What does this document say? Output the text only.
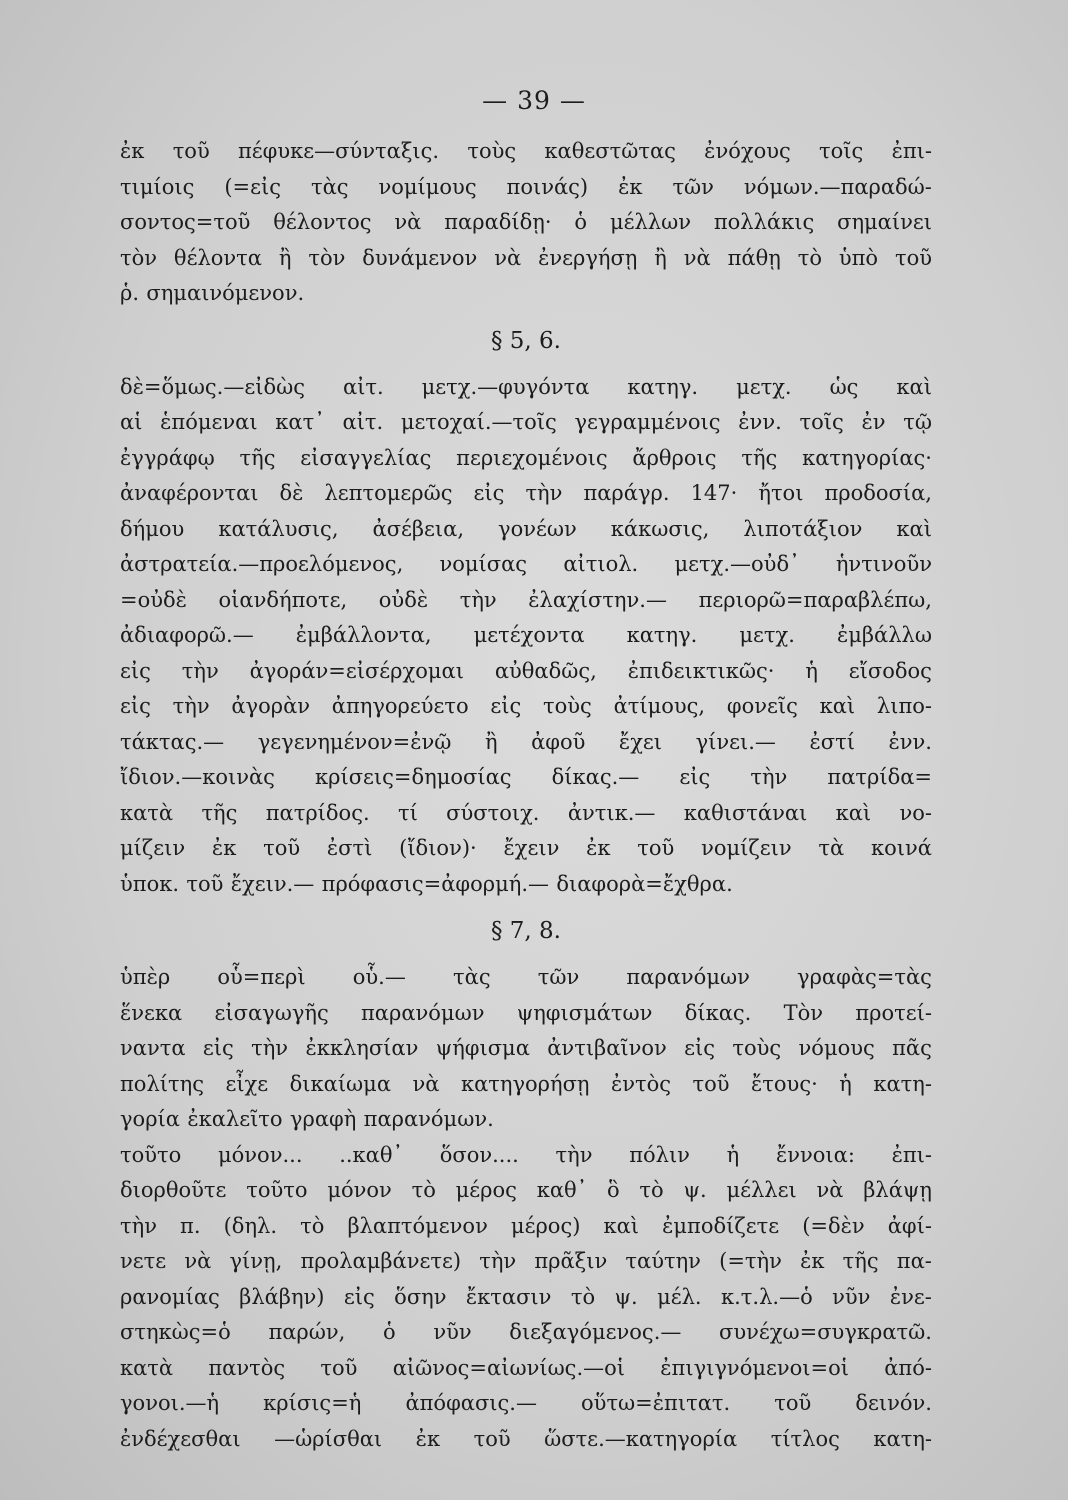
— 39 —
ἐκ τοῦ πέφυκε—σύνταξις. τοὺς καθεστῶτας ἐνόχους τοῖς ἐπι-
τιμίοις (=εἰς τὰς νομίμους ποινάς) ἐκ τῶν νόμων.—παραδώ-
σοντος=τοῦ θέλοντος νὰ παραδίδῃ· ὁ μέλλων πολλάκις σημαίνει
τὸν θέλοντα ἢ τὸν δυνάμενον νὰ ἐνεργήσῃ ἢ νὰ πάθῃ τὸ ὑπὸ τοῦ
ῥ. σημαινόμενον.
§ 5, 6.
δὲ=ὅμως.—εἰδὼς αἰτ. μετχ.—φυγόντα κατηγ. μετχ. ὡς καὶ
αἱ ἑπόμεναι κατ᾿ αἰτ. μετοχαί.—τοῖς γεγραμμένοις ἐνν. τοῖς ἐν τῷ
ἐγγράφῳ τῆς εἰσαγγελίας περιεχομένοις ἄρθροις τῆς κατηγορίας·
ἀναφέρονται δὲ λεπτομερῶς εἰς τὴν παράγρ. 147· ἤτοι προδοσία,
δήμου κατάλυσις, ἀσέβεια, γονέων κάκωσις, λιποτάξιον καὶ
ἀστρατεία.—προελόμενος, νομίσας αἰτιολ. μετχ.—οὐδ᾿ ἡντινοῦν
=οὐδὲ οἱανδήποτε, οὐδὲ τὴν ἐλαχίστην.— περιορῶ=παραβλέπω,
ἀδιαφορῶ.— ἐμβάλλοντα, μετέχοντα κατηγ. μετχ. ἐμβάλλω
εἰς τὴν ἀγοράν=εἰσέρχομαι αὐθαδῶς, ἐπιδεικτικῶς· ἡ εἴσοδος
εἰς τὴν ἀγορὰν ἀπηγορεύετο εἰς τοὺς ἀτίμους, φονεῖς καὶ λιπο-
τάκτας.— γεγενημένον=ἐνῷ ἢ ἀφοῦ ἔχει γίνει.— ἐστί ἐνν.
ἴδιον.—κοινὰς κρίσεις=δημοσίας δίκας.— εἰς τὴν πατρίδα=
κατὰ τῆς πατρίδος. τί σύστοιχ. ἀντικ.— καθιστάναι καὶ νο-
μίζειν ἐκ τοῦ ἐστὶ (ἴδιον)· ἔχειν ἐκ τοῦ νομίζειν τὰ κοινά
ὑποκ. τοῦ ἔχειν.— πρόφασις=ἀφορμή.— διαφορὰ=ἔχθρα.
§ 7, 8.
ὑπὲρ οὗ=περὶ οὗ.— τὰς τῶν παρανόμων γραφὰς=τὰς
ἕνεκα εἰσαγωγῆς παρανόμων ψηφισμάτων δίκας. Τὸν προτεί-
ναντα εἰς τὴν ἐκκλησίαν ψήφισμα ἀντιβαῖνον εἰς τοὺς νόμους πᾶς
πολίτης εἶχε δικαίωμα νὰ κατηγορήσῃ ἐντὸς τοῦ ἔτους· ἡ κατη-
γορία ἐκαλεῖτο γραφὴ παρανόμων.
τοῦτο μόνον... ..καθ᾿ ὅσον.... τὴν πόλιν ἡ ἔννοια: ἐπι-
διορθοῦτε τοῦτο μόνον τὸ μέρος καθ᾿ ὃ τὸ ψ. μέλλει νὰ βλάψῃ
τὴν π. (δηλ. τὸ βλαπτόμενον μέρος) καὶ ἐμποδίζετε (=δὲν ἀφί-
νετε νὰ γίνῃ, προλαμβάνετε) τὴν πρᾶξιν ταύτην (=τὴν ἐκ τῆς πα-
ρανομίας βλάβην) εἰς ὅσην ἔκτασιν τὸ ψ. μέλ. κ.τ.λ.—ὁ νῦν ἐνε-
στηκὼς=ὁ παρών, ὁ νῦν διεξαγόμενος.— συνέχω=συγκρατῶ.
κατὰ παντὸς τοῦ αἰῶνος=αἰωνίως.—οἱ ἐπιγιγνόμενοι=οἱ ἀπό-
γονοι.—ἡ κρίσις=ἡ ἀπόφασις.— οὕτω=ἐπιτατ. τοῦ δεινόν.
ἐνδέχεσθαι —ὡρίσθαι ἐκ τοῦ ὥστε.—κατηγορία τίτλος κατη-
